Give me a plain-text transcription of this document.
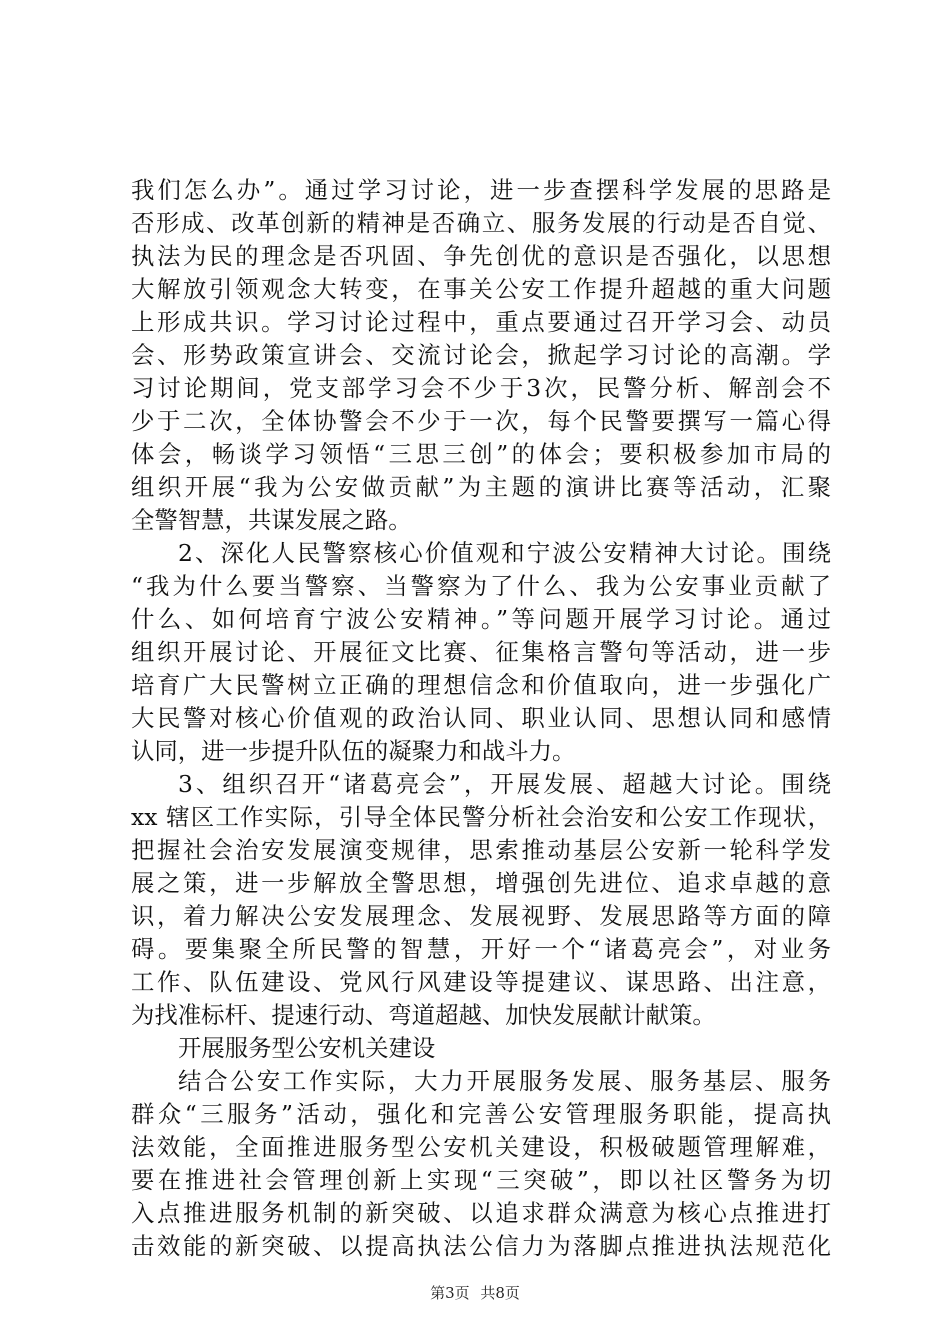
我们怎么办”。通过学习讨论，进一步查摆科学发展的思路是
否形成、改革创新的精神是否确立、服务发展的行动是否自觉、
执法为民的理念是否巩固、争先创优的意识是否强化，以思想
大解放引领观念大转变，在事关公安工作提升超越的重大问题
上形成共识。学习讨论过程中，重点要通过召开学习会、动员
会、形势政策宣讲会、交流讨论会，掀起学习讨论的高潮。学
习讨论期间，党支部学习会不少于3次，民警分析、解剖会不
少于二次，全体协警会不少于一次，每个民警要撰写一篇心得
体会，畅谈学习领悟“三思三创”的体会；要积极参加市局的
组织开展“我为公安做贡献”为主题的演讲比赛等活动，汇聚
全警智慧，共谋发展之路。
2、深化人民警察核心价值观和宁波公安精神大讨论。围绕
“我为什么要当警察、当警察为了什么、我为公安事业贡献了
什么、如何培育宁波公安精神。”等问题开展学习讨论。通过
组织开展讨论、开展征文比赛、征集格言警句等活动，进一步
培育广大民警树立正确的理想信念和价值取向，进一步强化广
大民警对核心价值观的政治认同、职业认同、思想认同和感情
认同，进一步提升队伍的凝聚力和战斗力。
3、组织召开“诸葛亮会”，开展发展、超越大讨论。围绕
xx 辖区工作实际，引导全体民警分析社会治安和公安工作现状，
把握社会治安发展演变规律，思索推动基层公安新一轮科学发
展之策，进一步解放全警思想，增强创先进位、追求卓越的意
识，着力解决公安发展理念、发展视野、发展思路等方面的障
碍。要集聚全所民警的智慧，开好一个“诸葛亮会”，对业务
工作、队伍建设、党风行风建设等提建议、谋思路、出注意，
为找准标杆、提速行动、弯道超越、加快发展献计献策。
开展服务型公安机关建设
结合公安工作实际，大力开展服务发展、服务基层、服务
群众“三服务”活动，强化和完善公安管理服务职能，提高执
法效能，全面推进服务型公安机关建设，积极破题管理解难，
要在推进社会管理创新上实现“三突破”，即以社区警务为切
入点推进服务机制的新突破、以追求群众满意为核心点推进打
击效能的新突破、以提高执法公信力为落脚点推进执法规范化
第3页 共8页
